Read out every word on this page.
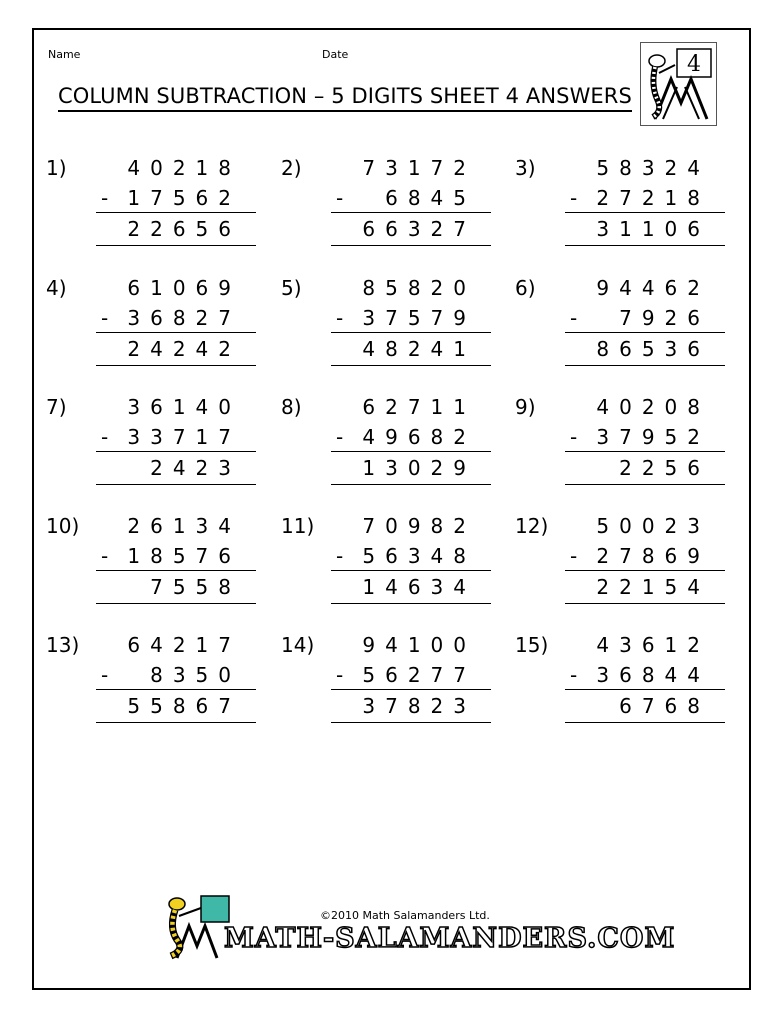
Name	Date
COLUMN SUBTRACTION – 5 DIGITS SHEET 4 ANSWERS
4
©2010 Math Salamanders Ltd.
MATH-SALAMANDERS.COM
1)	40218
- 17562
22656
2)	73172
- 6845
66327
3)	58324
- 27218
31106
4)	61069
- 36827
24242
5)	85820
- 37579
48241
6)	94462
- 7926
86536
7)	36140
- 33717
2423
8)	62711
- 49682
13029
9)	40208
- 37952
2256
10) 26134
- 18576
7558
11) 70982
- 56348
14634
12) 50023
- 27869
22154
13) 64217
- 8350
55867
14) 94100
- 56277
37823
15) 43612
- 36844
6768
